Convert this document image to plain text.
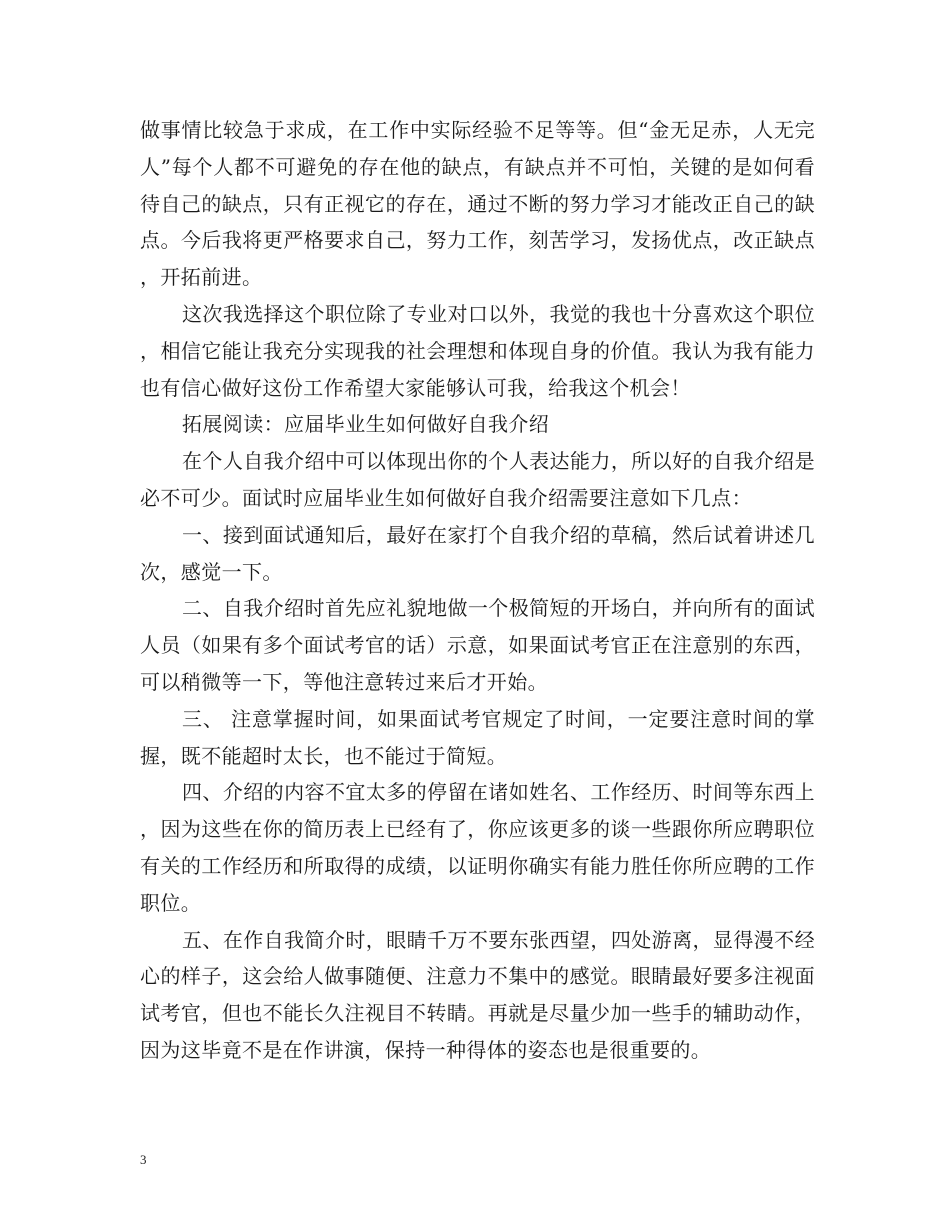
做事情比较急于求成，在工作中实际经验不足等等。但“金无足赤，人无完人”每个人都不可避免的存在他的缺点，有缺点并不可怕，关键的是如何看待自己的缺点，只有正视它的存在，通过不断的努力学习才能改正自己的缺点。今后我将更严格要求自己，努力工作，刻苦学习，发扬优点，改正缺点，开拓前进。

这次我选择这个职位除了专业对口以外，我觉的我也十分喜欢这个职位，相信它能让我充分实现我的社会理想和体现自身的价值。我认为我有能力也有信心做好这份工作希望大家能够认可我，给我这个机会！

拓展阅读：应届毕业生如何做好自我介绍

在个人自我介绍中可以体现出你的个人表达能力，所以好的自我介绍是必不可少。面试时应届毕业生如何做好自我介绍需要注意如下几点：

一、接到面试通知后，最好在家打个自我介绍的草稿，然后试着讲述几次，感觉一下。

二、自我介绍时首先应礼貌地做一个极简短的开场白，并向所有的面试人员（如果有多个面试考官的话）示意，如果面试考官正在注意别的东西，可以稍微等一下，等他注意转过来后才开始。

三、 注意掌握时间，如果面试考官规定了时间，一定要注意时间的掌握，既不能超时太长，也不能过于简短。

四、介绍的内容不宜太多的停留在诸如姓名、工作经历、时间等东西上，因为这些在你的简历表上已经有了，你应该更多的谈一些跟你所应聘职位有关的工作经历和所取得的成绩，以证明你确实有能力胜任你所应聘的工作职位。

五、在作自我简介时，眼睛千万不要东张西望，四处游离，显得漫不经心的样子，这会给人做事随便、注意力不集中的感觉。眼睛最好要多注视面试考官，但也不能长久注视目不转睛。再就是尽量少加一些手的辅助动作，因为这毕竟不是在作讲演，保持一种得体的姿态也是很重要的。

3
